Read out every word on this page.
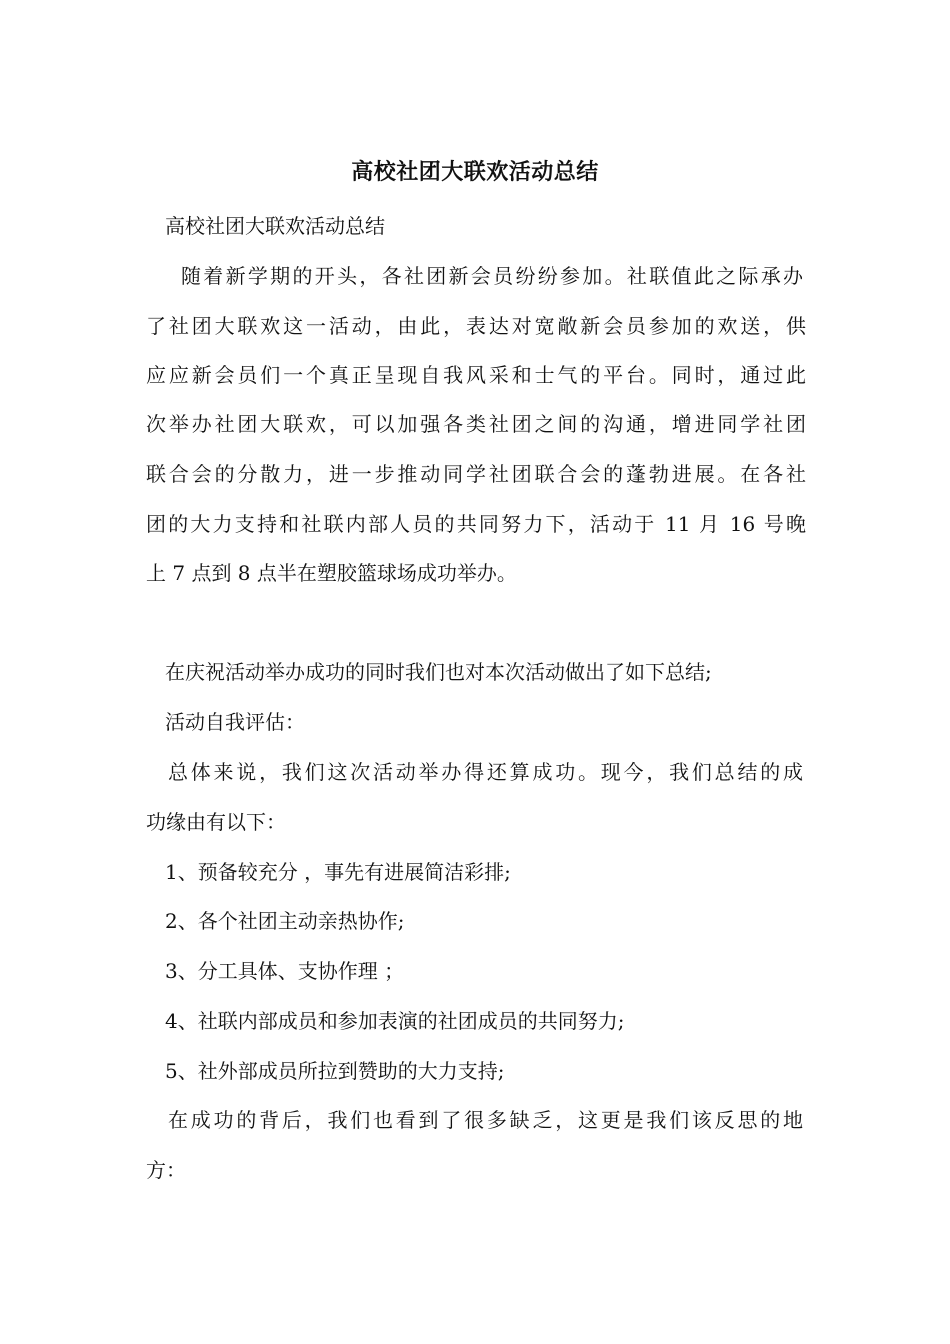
高校社团大联欢活动总结
高校社团大联欢活动总结
随着新学期的开头，各社团新会员纷纷参加。社联值此之际承办
了社团大联欢这一活动，由此，表达对宽敞新会员参加的欢送，供
应应新会员们一个真正呈现自我风采和士气的平台。同时，通过此
次举办社团大联欢，可以加强各类社团之间的沟通，增进同学社团
联合会的分散力，进一步推动同学社团联合会的蓬勃进展。在各社
团的大力支持和社联内部人员的共同努力下，活动于 11 月 16 号晚
上 7 点到 8 点半在塑胶篮球场成功举办。
在庆祝活动举办成功的同时我们也对本次活动做出了如下总结;
活动自我评估：
总体来说，我们这次活动举办得还算成功。现今，我们总结的成
功缘由有以下：
1、预备较充分 ，事先有进展简洁彩排;
2、各个社团主动亲热协作;
3、分工具体、支协作理 ；
4、社联内部成员和参加表演的社团成员的共同努力;
5、社外部成员所拉到赞助的大力支持;
在成功的背后，我们也看到了很多缺乏，这更是我们该反思的地
方：
